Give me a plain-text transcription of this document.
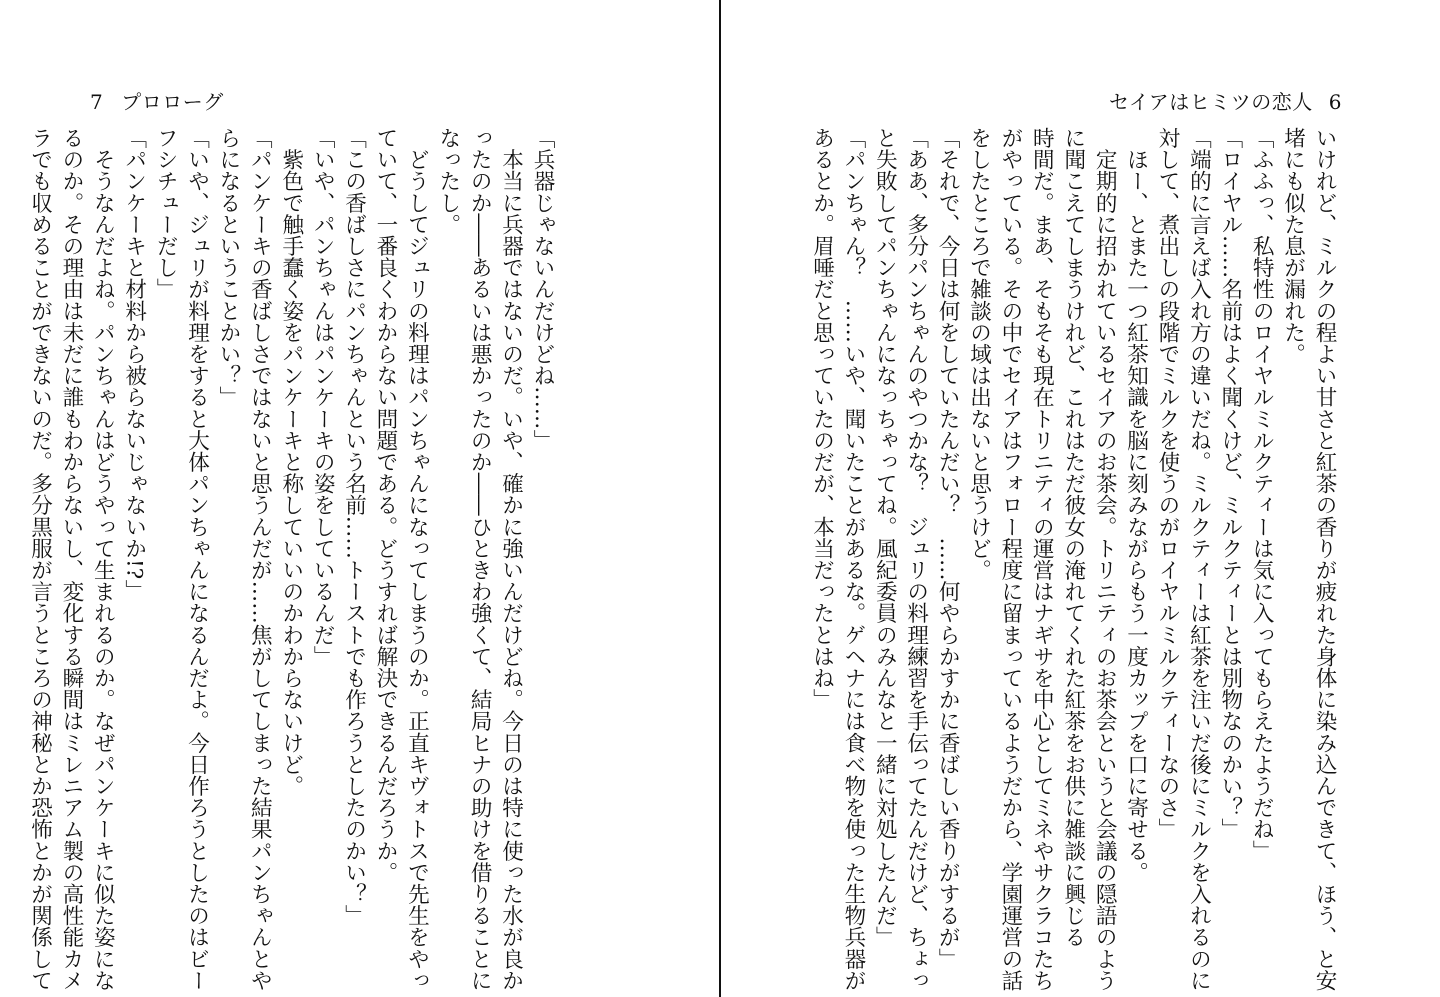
7 プロローグ
「兵器じゃないんだけどね……」
　本当に兵器ではないのだ。いや、確かに強いんだけどね。今日のは特に使った水が良か
ったのか――あるいは悪かったのか――ひときわ強くて、結局ヒナの助けを借りることに
なったし。
　どうしてジュリの料理はパンちゃんになってしまうのか。正直キヴォトスで先生をやっ
ていて、一番良くわからない問題である。どうすれば解決できるんだろうか。
「この香ばしさにパンちゃんという名前……トーストでも作ろうとしたのかい？」
「いや、パンちゃんはパンケーキの姿をしているんだ」
　紫色で触手蠢く姿をパンケーキと称していいのかわからないけど。
「パンケーキの香ばしさではないと思うんだが……焦がしてしまった結果パンちゃんとや
らになるということかい？」
「いや、ジュリが料理をすると大体パンちゃんになるんだよ。今日作ろうとしたのはビー
フシチューだし」
「パンケーキと材料から被らないじゃないか!?」
　そうなんだよね。パンちゃんはどうやって生まれるのか。なぜパンケーキに似た姿にな
るのか。その理由は未だに誰もわからないし、変化する瞬間はミレニアム製の高性能カメ
ラでも収めることができないのだ。多分黒服が言うところの神秘とか恐怖とかが関係して
セイアはヒミツの恋人 6
いけれど、ミルクの程よい甘さと紅茶の香りが疲れた身体に染み込んできて、ほう、と安
堵にも似た息が漏れた。
「ふふっ、私特性のロイヤルミルクティーは気に入ってもらえたようだね」
「ロイヤル……名前はよく聞くけど、ミルクティーとは別物なのかい？」
「端的に言えば入れ方の違いだね。ミルクティーは紅茶を注いだ後にミルクを入れるのに
対して、煮出しの段階でミルクを使うのがロイヤルミルクティーなのさ」
　ほー、とまた一つ紅茶知識を脳に刻みながらもう一度カップを口に寄せる。
　定期的に招かれているセイアのお茶会。トリニティのお茶会というと会議の隠語のよう
に聞こえてしまうけれど、これはただ彼女の淹れてくれた紅茶をお供に雑談に興じる
時間だ。まあ、そもそも現在トリニティの運営はナギサを中心としてミネやサクラコたち
がやっている。その中でセイアはフォロー程度に留まっているようだから、学園運営の話
をしたところで雑談の域は出ないと思うけど。
「それで、今日は何をしていたんだい？　……何やらかすかに香ばしい香りがするが」
「ああ、多分パンちゃんのやつかな？　ジュリの料理練習を手伝ってたんだけど、ちょっ
と失敗してパンちゃんになっちゃってね。風紀委員のみんなと一緒に対処したんだ」
「パンちゃん？　……いや、聞いたことがあるな。ゲヘナには食べ物を使った生物兵器が
あるとか。眉唾だと思っていたのだが、本当だったとはね」
